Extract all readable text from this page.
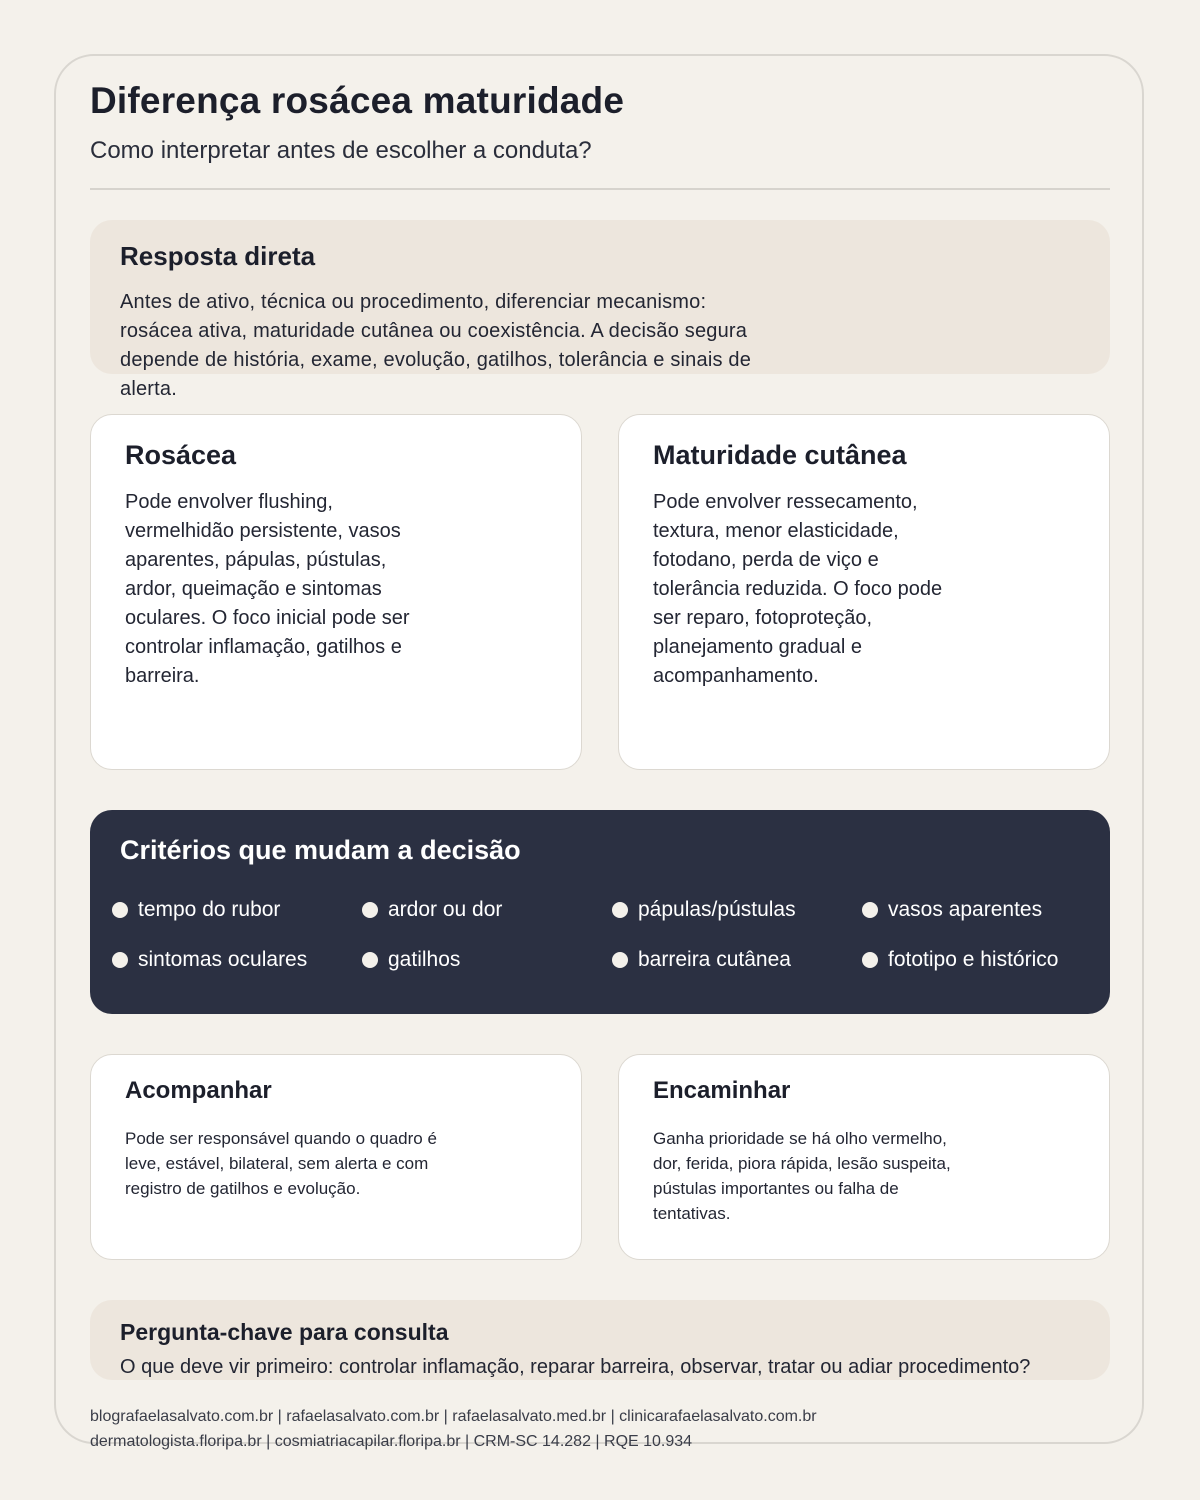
Diferença rosácea maturidade
Como interpretar antes de escolher a conduta?
Resposta direta

Antes de ativo, técnica ou procedimento, diferenciar mecanismo: rosácea ativa, maturidade cutânea ou coexistência. A decisão segura depende de história, exame, evolução, gatilhos, tolerância e sinais de alerta.

Rosácea

Pode envolver flushing, vermelhidão persistente, vasos aparentes, pápulas, pústulas, ardor, queimação e sintomas oculares. O foco inicial pode ser controlar inflamação, gatilhos e barreira.

Maturidade cutânea

Pode envolver ressecamento, textura, menor elasticidade, fotodano, perda de viço e tolerância reduzida. O foco pode ser reparo, fotoproteção, planejamento gradual e acompanhamento.

Critérios que mudam a decisão
tempo do rubor	ardor ou dor	pápulas/pústulas	vasos aparentes
sintomas oculares	gatilhos	barreira cutânea	fototipo e histórico
Acompanhar

Pode ser responsável quando o quadro é leve, estável, bilateral, sem alerta e com registro de gatilhos e evolução.

Encaminhar

Ganha prioridade se há olho vermelho, dor, ferida, piora rápida, lesão suspeita, pústulas importantes ou falha de tentativas.

Pergunta-chave para consulta

O que deve vir primeiro: controlar inflamação, reparar barreira, observar, tratar ou adiar procedimento?

blografaelasalvato.com.br | rafaelasalvato.com.br | rafaelasalvato.med.br | clinicarafaelasalvato.com.br
dermatologista.floripa.br | cosmiatriacapilar.floripa.br | CRM-SC 14.282 | RQE 10.934
